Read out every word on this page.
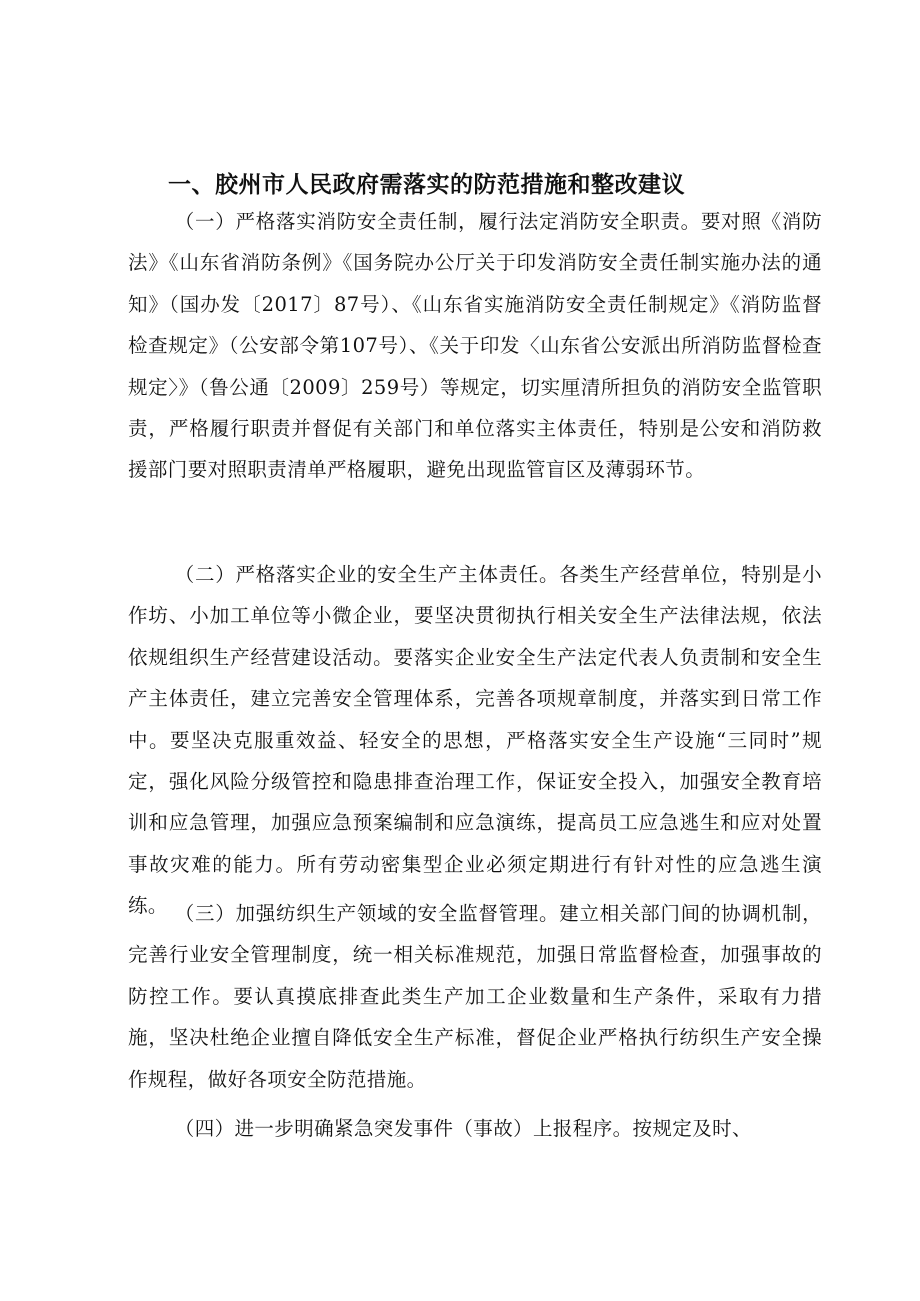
一、胶州市人民政府需落实的防范措施和整改建议

（一）严格落实消防安全责任制，履行法定消防安全职责。要对照《消防法》《山东省消防条例》《国务院办公厅关于印发消防安全责任制实施办法的通知》（国办发〔2017〕87号）、《山东省实施消防安全责任制规定》《消防监督检查规定》（公安部令第107号）、《关于印发〈山东省公安派出所消防监督检查规定〉》（鲁公通〔2009〕259号）等规定，切实厘清所担负的消防安全监管职责，严格履行职责并督促有关部门和单位落实主体责任，特别是公安和消防救援部门要对照职责清单严格履职，避免出现监管盲区及薄弱环节。

（二）严格落实企业的安全生产主体责任。各类生产经营单位，特别是小作坊、小加工单位等小微企业，要坚决贯彻执行相关安全生产法律法规，依法依规组织生产经营建设活动。要落实企业安全生产法定代表人负责制和安全生产主体责任，建立完善安全管理体系，完善各项规章制度，并落实到日常工作中。要坚决克服重效益、轻安全的思想，严格落实安全生产设施“三同时”规定，强化风险分级管控和隐患排查治理工作，保证安全投入，加强安全教育培训和应急管理，加强应急预案编制和应急演练，提高员工应急逃生和应对处置事故灾难的能力。所有劳动密集型企业必须定期进行有针对性的应急逃生演练。 （三）加强纺织生产领域的安全监督管理。建立相关部门间的协调机制，完善行业安全管理制度，统一相关标准规范，加强日常监督检查，加强事故的防控工作。要认真摸底排查此类生产加工企业数量和生产条件，采取有力措施，坚决杜绝企业擅自降低安全生产标准，督促企业严格执行纺织生产安全操作规程，做好各项安全防范措施。

（四）进一步明确紧急突发事件（事故）上报程序。按规定及时、
